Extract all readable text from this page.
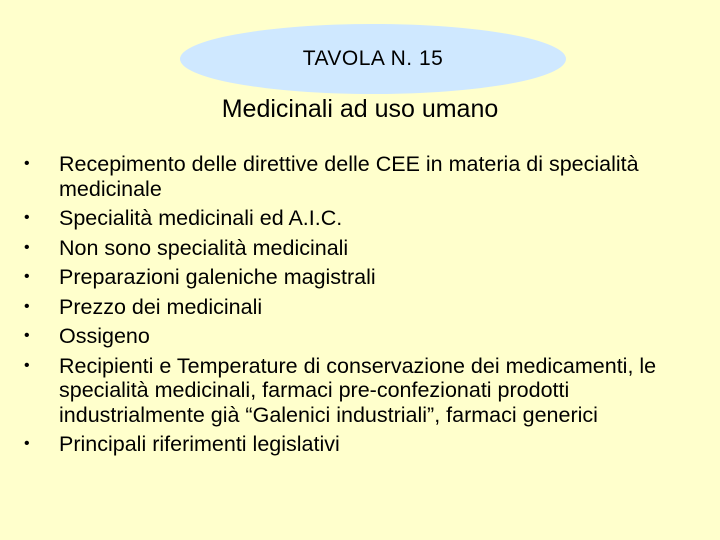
TAVOLA N. 15
Medicinali ad uso umano
• Recepimento delle direttive delle CEE in materia di specialità medicinale
• Specialità medicinali ed A.I.C.
• Non sono specialità medicinali
• Preparazioni galeniche magistrali
• Prezzo dei medicinali
• Ossigeno
• Recipienti e Temperature di conservazione dei medicamenti, le specialità medicinali, farmaci pre-confezionati prodotti industrialmente già “Galenici industriali”, farmaci generici
• Principali riferimenti legislativi
